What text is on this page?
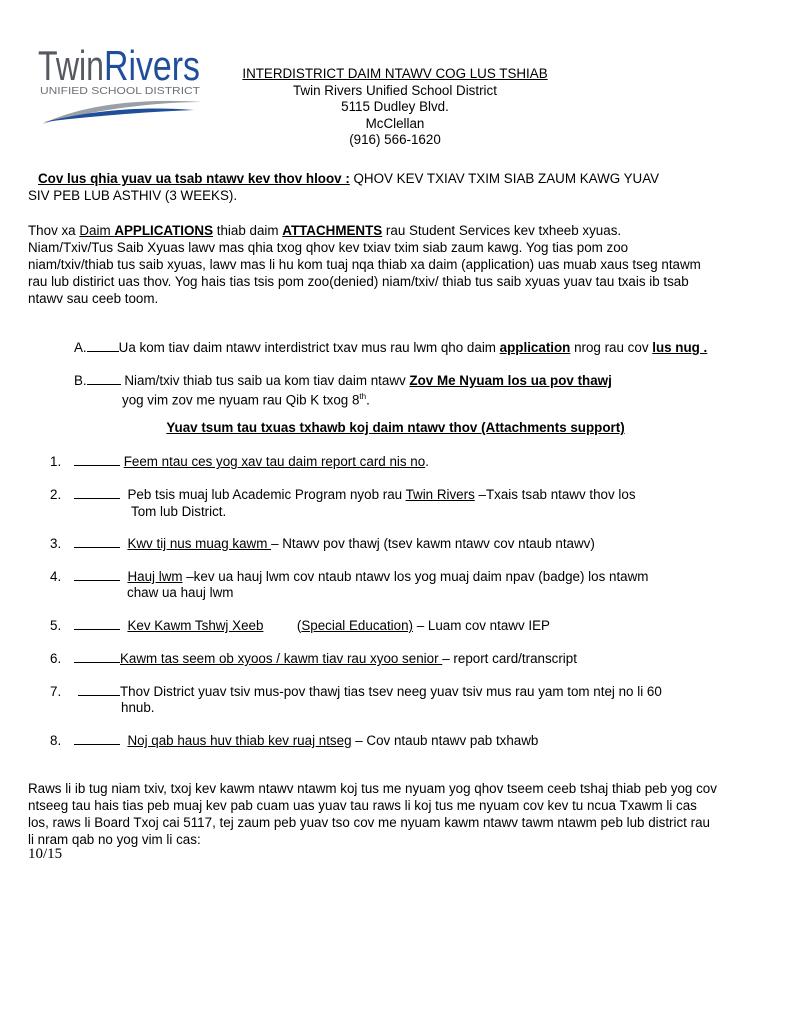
Twin Rivers
UNIFIED SCHOOL DISTRICT
INTERDISTRICT DAIM NTAWV COG LUS TSHIAB
Twin Rivers Unified School District
5115 Dudley Blvd.
McClellan
(916) 566-1620
Cov lus qhia yuav ua tsab ntawv kev thov hloov : QHOV KEV TXIAV TXIM SIAB ZAUM KAWG YUAV
SIV PEB LUB ASTHIV (3 WEEKS).
Thov xa Daim APPLICATIONS thiab daim ATTACHMENTS rau Student Services kev txheeb xyuas.
Niam/Txiv/Tus Saib Xyuas lawv mas qhia txog qhov kev txiav txim siab zaum kawg. Yog tias pom zoo
niam/txiv/thiab tus saib xyuas, lawv mas li hu kom tuaj nqa thiab xa daim (application) uas muab xaus tseg ntawm
rau lub distirict uas thov. Yog hais tias tsis pom zoo(denied) niam/txiv/ thiab tus saib xyuas yuav tau txais ib tsab
ntawv sau ceeb toom.
A. Ua kom tiav daim ntawv interdistrict txav mus rau lwm qho daim application nrog rau cov lus nug .
B.	Niam/txiv thiab tus saib ua kom tiav daim ntawv Zov Me Nyuam los ua pov thawj
yog vim zov me nyuam rau Qib K txog 8th.
Yuav tsum tau txuas txhawb koj daim ntawv thov (Attachments support)
1.	Feem ntau ces yog xav tau daim report card nis no.
2.	Peb tsis muaj lub Academic Program nyob rau Twin Rivers –Txais tsab ntawv thov los
Tom lub District.
3.	Kwv tij nus muag kawm – Ntawv pov thawj (tsev kawm ntawv cov ntaub ntawv)
4.	Hauj lwm –kev ua hauj lwm cov ntaub ntawv los yog muaj daim npav (badge) los ntawm
chaw ua hauj lwm
5.	Kev Kawm Tshwj Xeeb         (Special Education) – Luam cov ntawv IEP
6.	Kawm tas seem ob xyoos / kawm tiav rau xyoo senior – report card/transcript
7.	Thov District yuav tsiv mus-pov thawj tias tsev neeg yuav tsiv mus rau yam tom ntej no li 60
hnub.
8.	Noj qab haus huv thiab kev ruaj ntseg – Cov ntaub ntawv pab txhawb
Raws li ib tug niam txiv, txoj kev kawm ntawv ntawm koj tus me nyuam yog qhov tseem ceeb tshaj thiab peb yog cov
ntseeg tau hais tias peb muaj kev pab cuam uas yuav tau raws li koj tus me nyuam cov kev tu ncua Txawm li cas
los, raws li Board Txoj cai 5117, tej zaum peb yuav tso cov me nyuam kawm ntawv tawm ntawm peb lub district rau
li nram qab no yog vim li cas:
10/15
